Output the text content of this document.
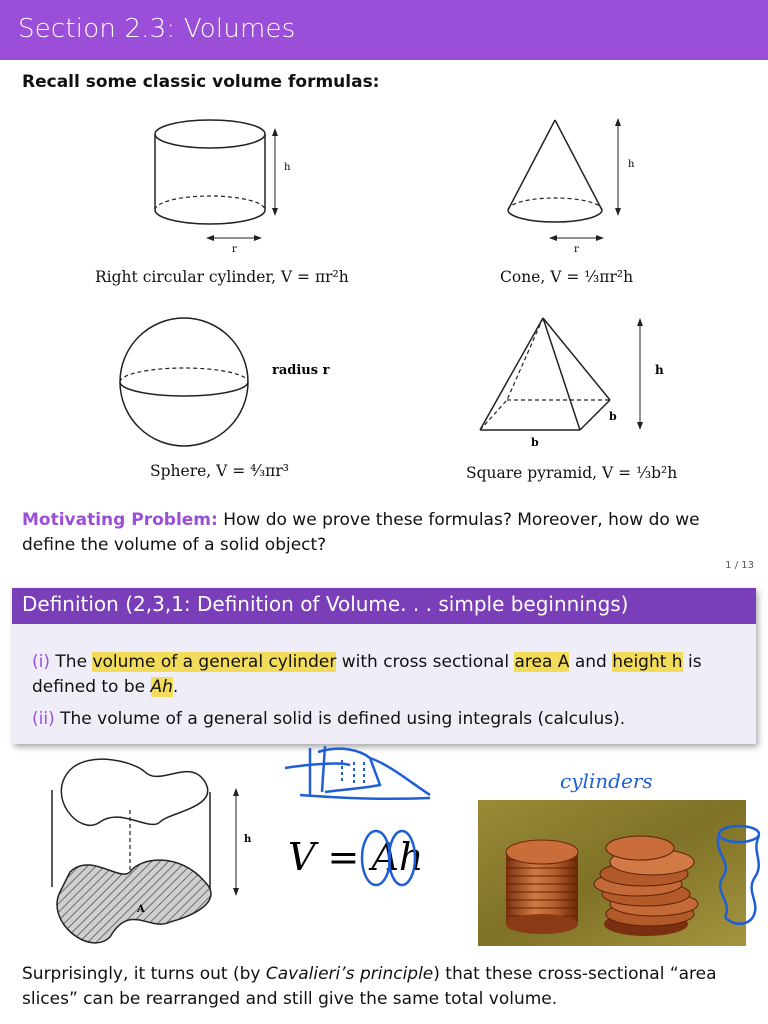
Section 2.3: Volumes
Recall some classic volume formulas:
h
r
Right circular cylinder, V = πr²h
h
r
Cone, V = ⅓πr²h
radius r
Sphere, V = ⁴⁄₃πr³
h
b
b
Square pyramid, V = ⅓b²h
Motivating Problem: How do we prove these formulas? Moreover, how do we define the volume of a solid object?
1 / 13
Definition (2,3,1: Definition of Volume. . . simple beginnings)
(i) The volume of a general cylinder with cross sectional area A and height h is defined to be Ah.
(ii) The volume of a general solid is defined using integrals (calculus).
A
h V = Ah
cylinders
Surprisingly, it turns out (by Cavalieri’s principle) that these cross-sectional “area slices” can be rearranged and still give the same total volume.
